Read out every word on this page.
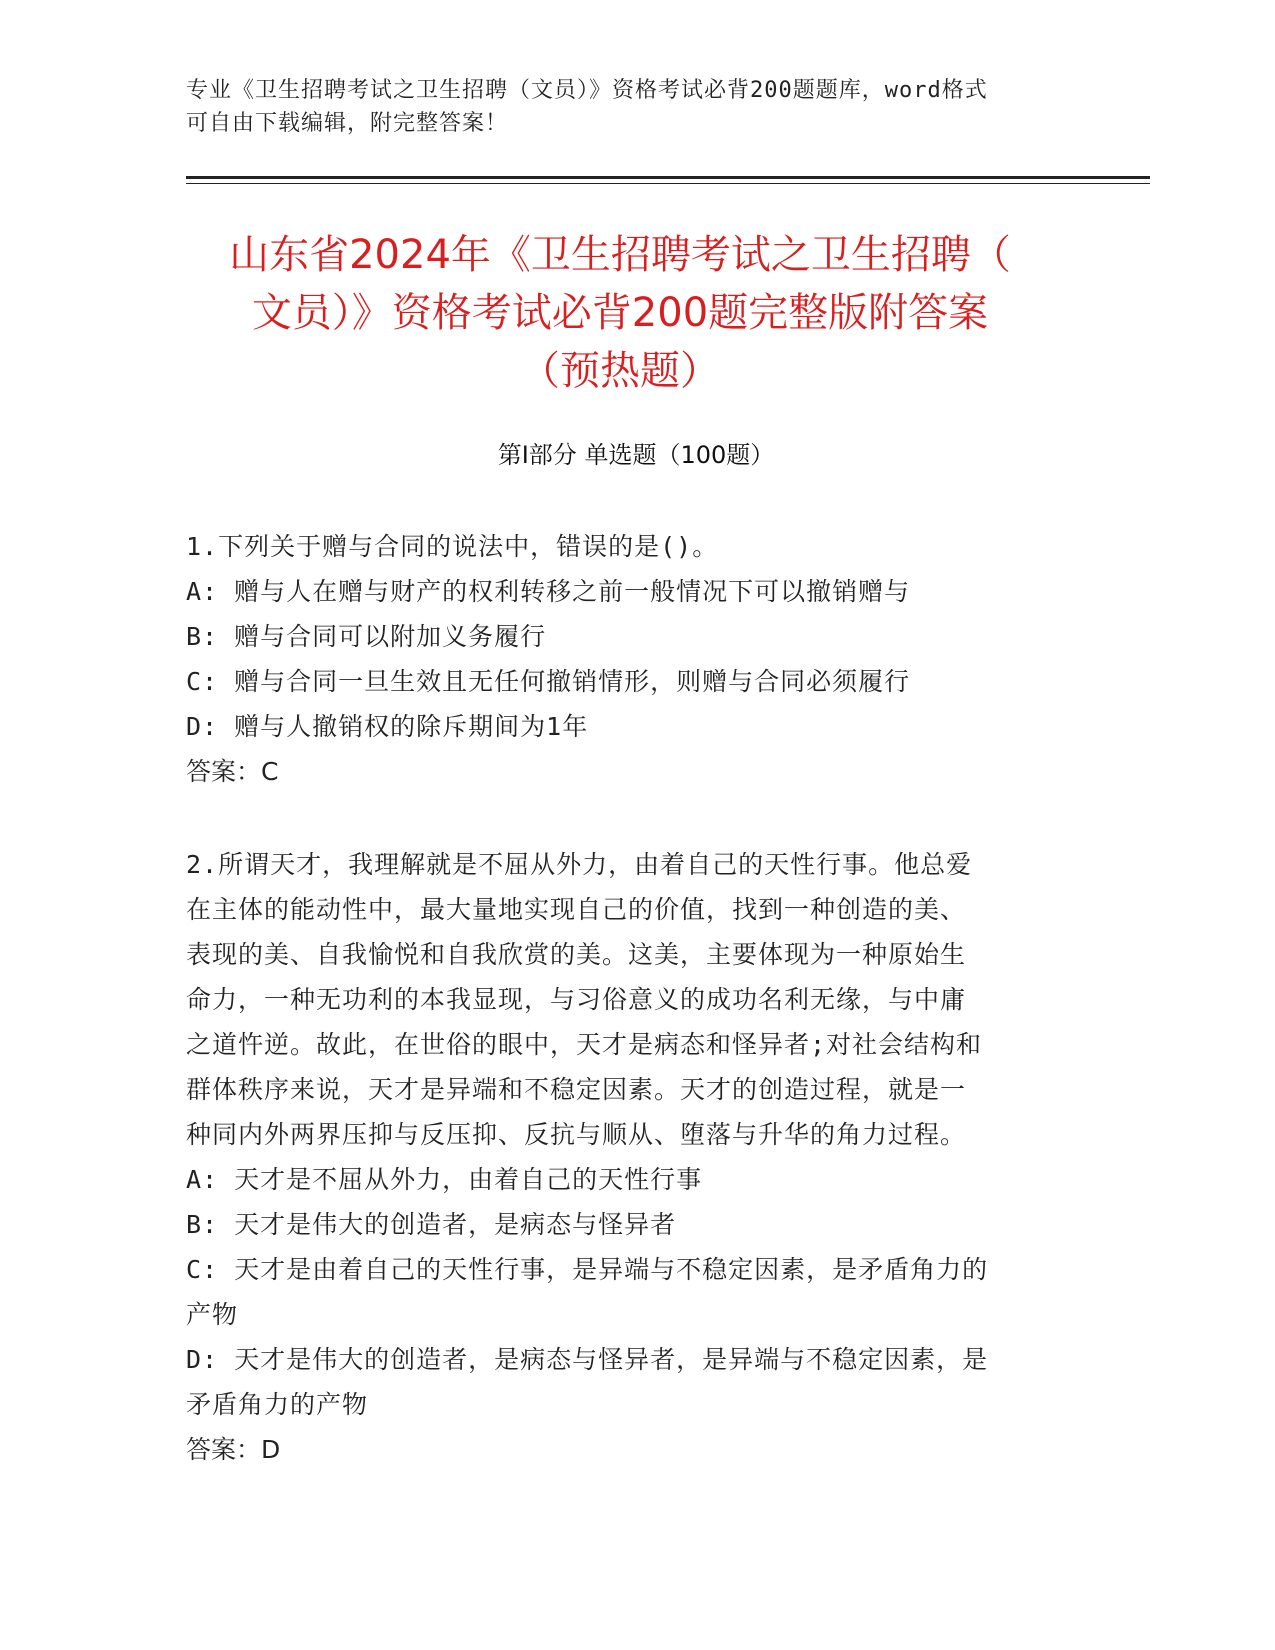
专业《卫生招聘考试之卫生招聘（文员）》资格考试必背200题题库，word格式
可自由下载编辑，附完整答案！
山东省2024年《卫生招聘考试之卫生招聘（
文员）》资格考试必背200题完整版附答案
（预热题）
第Ⅰ部分 单选题（100题）
1.下列关于赠与合同的说法中，错误的是()。
A: 赠与人在赠与财产的权利转移之前一般情况下可以撤销赠与
B: 赠与合同可以附加义务履行
C: 赠与合同一旦生效且无任何撤销情形，则赠与合同必须履行
D: 赠与人撤销权的除斥期间为1年
答案：C
2.所谓天才，我理解就是不屈从外力，由着自己的天性行事。他总爱
在主体的能动性中，最大量地实现自己的价值，找到一种创造的美、
表现的美、自我愉悦和自我欣赏的美。这美，主要体现为一种原始生
命力，一种无功利的本我显现，与习俗意义的成功名利无缘，与中庸
之道忤逆。故此，在世俗的眼中，天才是病态和怪异者;对社会结构和
群体秩序来说，天才是异端和不稳定因素。天才的创造过程，就是一
种同内外两界压抑与反压抑、反抗与顺从、堕落与升华的角力过程。
A: 天才是不屈从外力，由着自己的天性行事
B: 天才是伟大的创造者，是病态与怪异者
C: 天才是由着自己的天性行事，是异端与不稳定因素，是矛盾角力的
产物
D: 天才是伟大的创造者，是病态与怪异者，是异端与不稳定因素，是
矛盾角力的产物
答案：D
